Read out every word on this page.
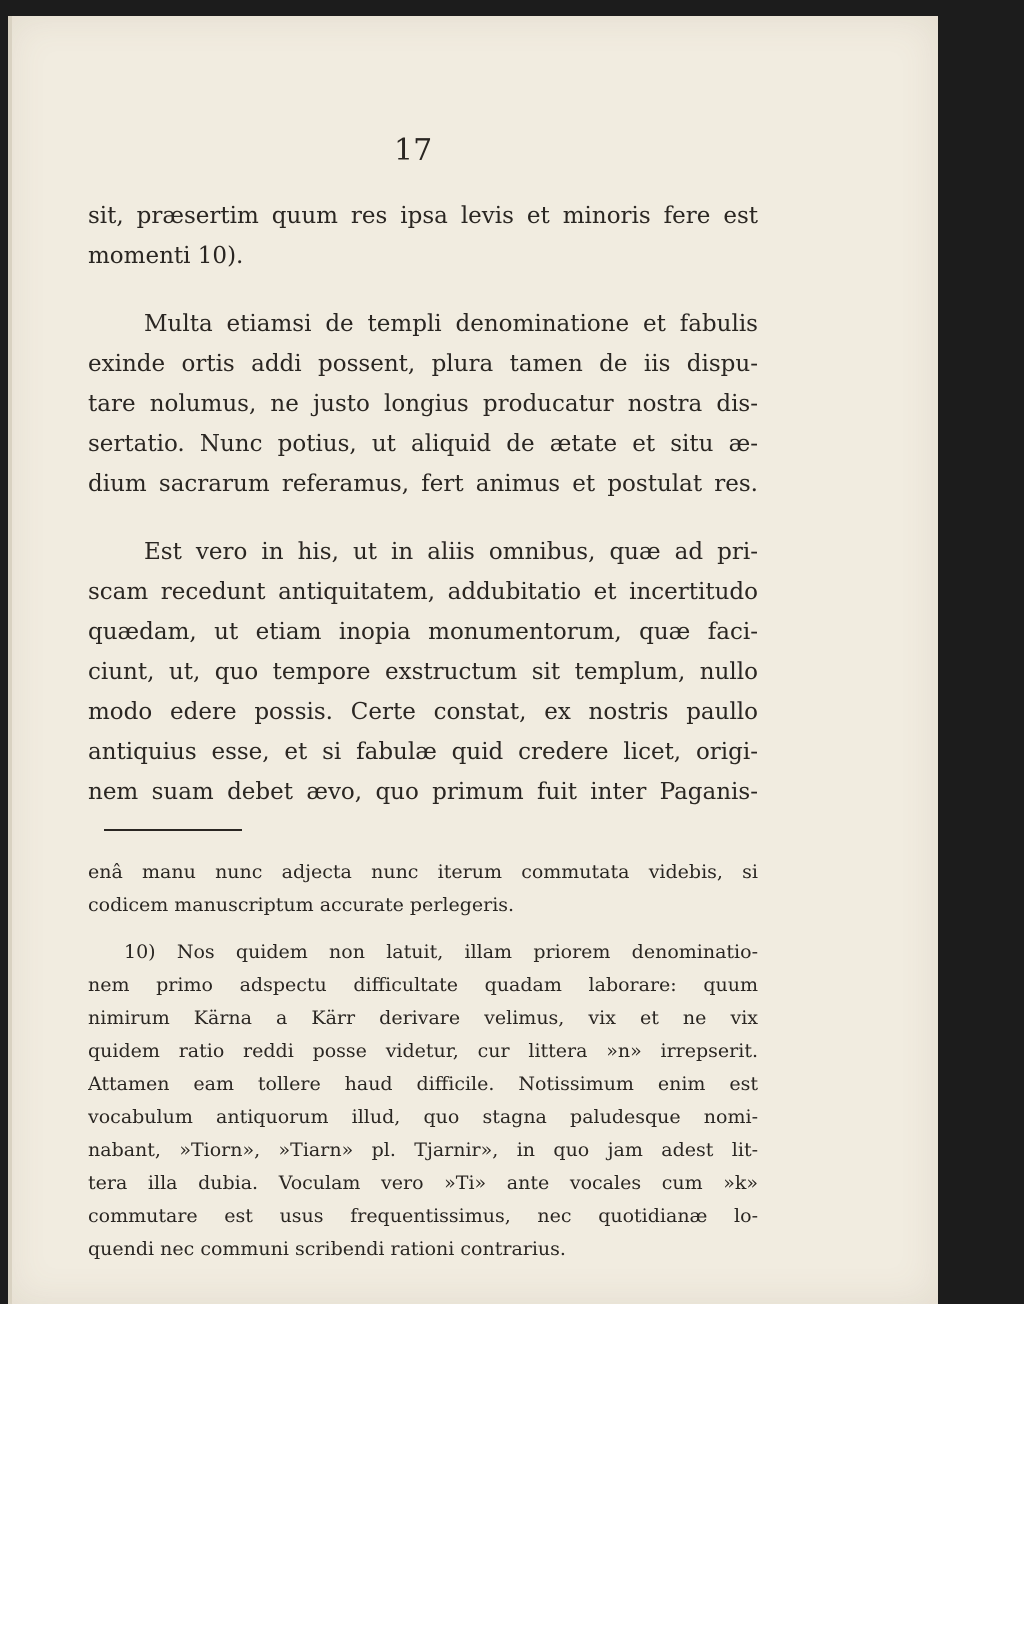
17
sit, præsertim quum res ipsa levis et minoris fere est
momenti 10).
Multa etiamsi de templi denominatione et fabulis
exinde ortis addi possent, plura tamen de iis dispu-
tare nolumus, ne justo longius producatur nostra dis-
sertatio. Nunc potius, ut aliquid de ætate et situ æ-
dium sacrarum referamus, fert animus et postulat res.
Est vero in his, ut in aliis omnibus, quæ ad pri-
scam recedunt antiquitatem, addubitatio et incertitudo
quædam, ut etiam inopia monumentorum, quæ faci-
ciunt, ut, quo tempore exstructum sit templum, nullo
modo edere possis. Certe constat, ex nostris paullo
antiquius esse, et si fabulæ quid credere licet, origi-
nem suam debet ævo, quo primum fuit inter Paganis-
enâ manu nunc adjecta nunc iterum commutata videbis, si
codicem manuscriptum accurate perlegeris.
10) Nos quidem non latuit, illam priorem denominatio-
nem primo adspectu difficultate quadam laborare: quum
nimirum Kärna a Kärr derivare velimus, vix et ne vix
quidem ratio reddi posse videtur, cur littera »n» irrepserit.
Attamen eam tollere haud difficile. Notissimum enim est
vocabulum antiquorum illud, quo stagna paludesque nomi-
nabant, »Tiorn», »Tiarn» pl. Tjarnir», in quo jam adest lit-
tera illa dubia. Voculam vero »Ti» ante vocales cum »k»
commutare est usus frequentissimus, nec quotidianæ lo-
quendi nec communi scribendi rationi contrarius.
